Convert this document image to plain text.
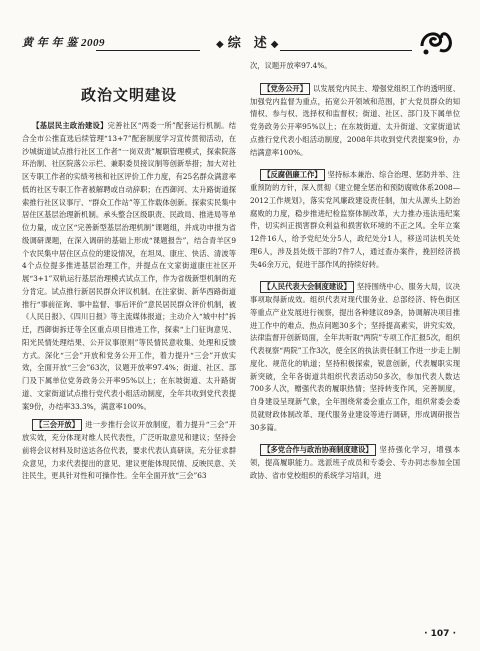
黄 年 年 鉴 2009	◆ 综　述 ◆
政治文明建设

【基层民主政治建设】完善社区“两委一所”配套运行机制。结合全市公推直选后续管理“13+7”配套制度学习宣传贯彻活动，在沙城街道试点推行社区工作者“一岗双责”履职管理模式，探索院落环治制、社区院落公示栏、兼职委员接议制等创新举措；加大对社区专职工作者的实绩考核和社区评价工作力度，有25名群众满意率低的社区专职工作者被解聘或自动辞职；在西御河、太升路街道探索推行社区议事厅、“群众工作站”等工作载体创新。探索实民集中居住区基层治理新机制。承头整合区级职责、民政局、推进局等单位力量，成立区“完善新型基层治理机制”课题组，并成功申报为省级调研课题，在深入调研的基础上形成“课题报告”，结合青羊区9个农民集中居住区点位的建设情况，在坦凤、康庄、快活、清波等4个点位提多推进基层治理工作，并提点在文家街道康庄社区开展“3+1”双轨运行基层治理模式试点工作，作为省级新型机制的充分肯定。试点推行新居民群众评议机制。在注家街、新华西路街道推行“事前征询、事中监督、事后评价”意民居民群众评价机制，被《人民日报》、《四川日报》等主流媒体报道；主动介入“城中村”拆迁，西御街拆迁等全区重点项目推进工作，探索“上门征询意见、阳光民情处理结果、公开议事原则”等民情民意收集、处理和反馈方式。深化“三会”开放和党务公开工作，着力提升“三会”开放实效，全面开放“三会”63次，议题开放率97.4%；街道、社区、部门及下属单位党务政务公开率95%以上；在东坡街道、太升路街道、文家街道试点推行党代表小组活动制度，全年共收到党代表提案9份，办结率33.3%，满意率100%。

【三会开放】 进一步推行会议开放制度，着力提升“三会”开放实效，充分体现对维人民代表性，广泛听取意见和建议；坚持会前将会议材料及时送达各位代表，要求代表认真研读，充分征求群众意见，力求代表提出的意见、建议更能体现民情、反映民意、关注民生，更具针对性和可操作性。全年全面开放“三会”63

次，议题开放率97.4%。

【党务公开】 以发展党内民主、增强党组织工作的透明度、加强党内监督为重点，拓宽公开领域和范围，扩大党员群众的知情权、参与权、选择权和监督权；街道、社区、部门及下属单位党务政务公开率95%以上；在东坡街道、太升街道、文家街道试点推行党代表小组活动制度，2008年共收到党代表提案9份，办结满意率100%。

【反腐倡廉工作】 坚持标本兼治、综合治理、惩防并举、注重预防的方针，深入贯彻《建立健全惩治和预防腐败体系2008—2012工作规划》，落实党风廉政建设责任制，加大从源头上防治腐败的力度，稳步推进纪检监察体制改革，大力推办违法违纪案件，切实纠正损害群众利益和损害软环境的不正之风。全年立案12件16人，给予党纪处分5人，政纪处分1人，移送司法机关处理6人，涉及县处级干部的7件7人，通过查办案件，挽回经济损失46余万元，促进干部作风的持续好转。

【人民代表大会制度建设】 坚持围绕中心、服务大局，议决事项取得新成效。组织代表对现代服务业、总部经济、特色街区等重点产业发展进行视察，提出各种建议89条，协调解决项目推进工作中的难点、热点问题30多个；坚持提高素实，讲究实效，法律监督开创新局面，全年共听取“两院”专项工作汇报5次，组织代表视察“两院”工作3次，使全区的执法责任制工作进一步走上制度化、规范化的轨道；坚持积极探索，锐意创新，代表履职实现新突破，全年各街道共组织代表活动50多次，参加代表人数达700多人次，赠强代表的履职热情；坚持转变作风，完善制度，自身建设呈现新气象，全年围绕常委会重点工作，组织常委会委员就财政体制改革、现代服务业建设等进行调研，形成调研报告30多篇。

【多党合作与政治协商制度建设】 坚持强化学习，增强本领，提高履职能力。选派班子成员和专委会、专办同志参加全国政协、省市党校组织的系统学习培训，进

· 107 ·
